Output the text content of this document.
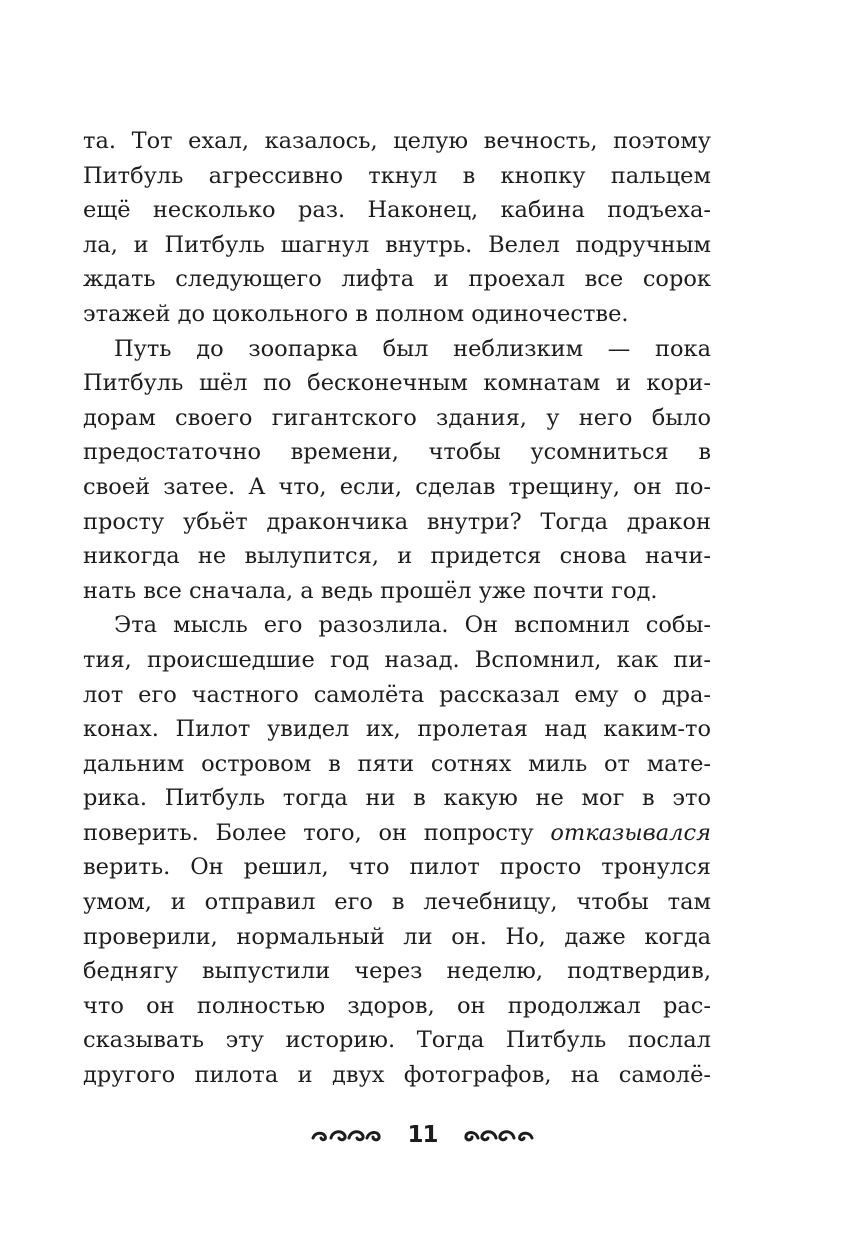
та. Тот ехал, казалось, целую вечность, поэтому
Питбуль агрессивно ткнул в кнопку пальцем
ещё несколько раз. Наконец, кабина подъеха-
ла, и Питбуль шагнул внутрь. Велел подручным
ждать следующего лифта и проехал все сорок
этажей до цокольного в полном одиночестве.
Путь до зоопарка был неблизким — пока
Питбуль шёл по бесконечным комнатам и кори-
дорам своего гигантского здания, у него было
предостаточно времени, чтобы усомниться в
своей затее. А что, если, сделав трещину, он по-
просту убьёт дракончика внутри? Тогда дракон
никогда не вылупится, и придется снова начи-
нать все сначала, а ведь прошёл уже почти год.
Эта мысль его разозлила. Он вспомнил собы-
тия, происшедшие год назад. Вспомнил, как пи-
лот его частного самолёта рассказал ему о дра-
конах. Пилот увидел их, пролетая над каким-то
дальним островом в пяти сотнях миль от мате-
рика. Питбуль тогда ни в какую не мог в это
поверить. Более того, он попросту отказывался
верить. Он решил, что пилот просто тронулся
умом, и отправил его в лечебницу, чтобы там
проверили, нормальный ли он. Но, даже когда
беднягу выпустили через неделю, подтвердив,
что он полностью здоров, он продолжал рас-
сказывать эту историю. Тогда Питбуль послал
другого пилота и двух фотографов, на самолё-
11
